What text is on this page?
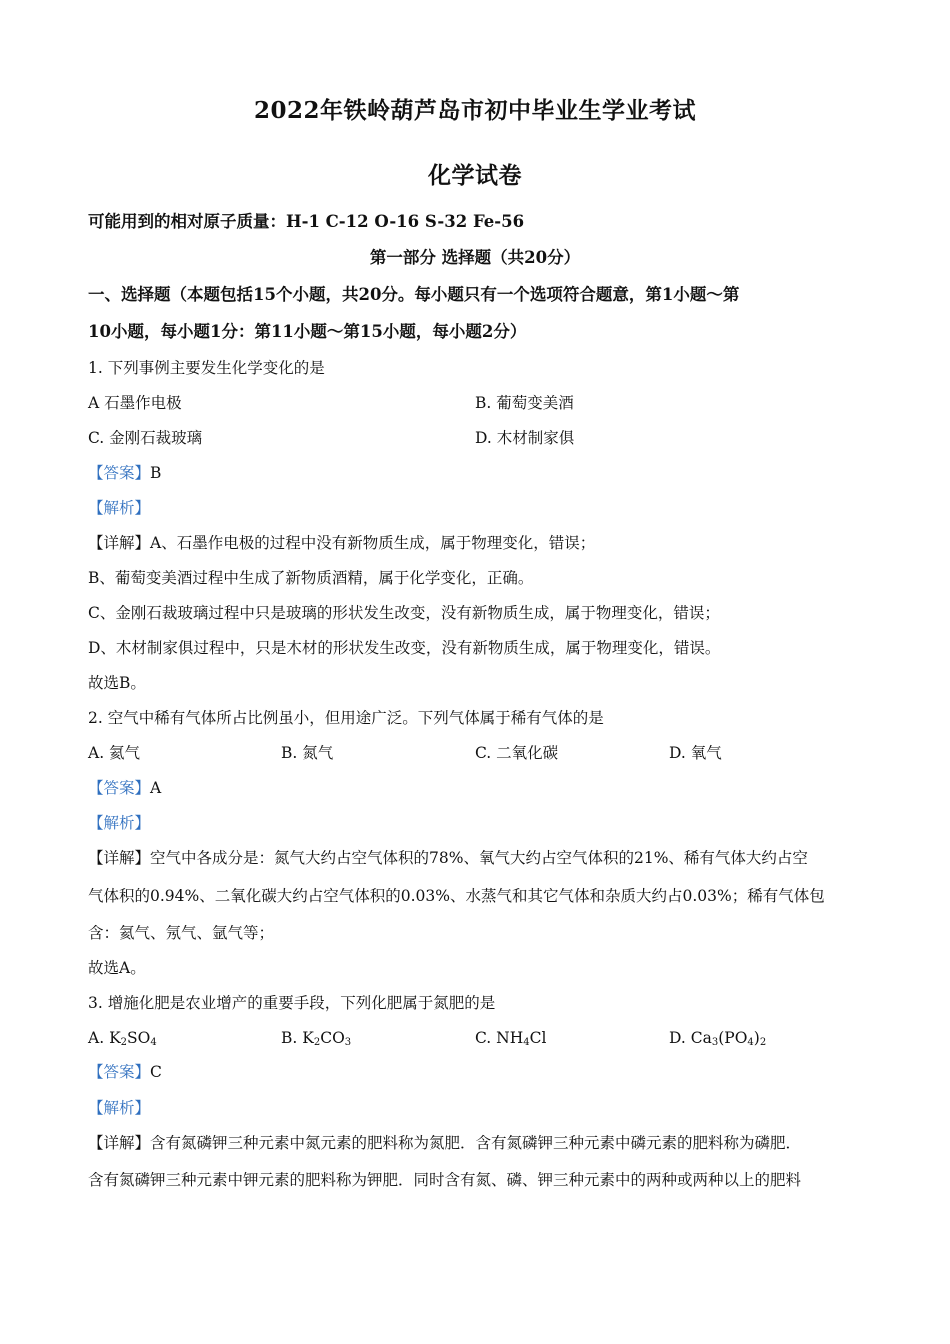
2022年铁岭葫芦岛市初中毕业生学业考试
化学试卷
可能用到的相对原子质量：H-1 C-12 O-16 S-32 Fe-56
第一部分 选择题（共20分）
一、选择题（本题包括15个小题，共20分。每小题只有一个选项符合题意，第1小题～第
10小题，每小题1分：第11小题～第15小题，每小题2分）
1. 下列事例主要发生化学变化的是
A 石墨作电极	B. 葡萄变美酒
C. 金刚石裁玻璃	D. 木材制家俱
【答案】B
【解析】
【详解】A、石墨作电极的过程中没有新物质生成，属于物理变化，错误；
B、葡萄变美酒过程中生成了新物质酒精，属于化学变化，正确。
C、金刚石裁玻璃过程中只是玻璃的形状发生改变，没有新物质生成，属于物理变化，错误；
D、木材制家俱过程中，只是木材的形状发生改变，没有新物质生成，属于物理变化，错误。
故选B。
2. 空气中稀有气体所占比例虽小，但用途广泛。下列气体属于稀有气体的是
A. 氦气	B. 氮气	C. 二氧化碳	D. 氧气
【答案】A
【解析】
【详解】空气中各成分是：氮气大约占空气体积的78%、氧气大约占空气体积的21%、稀有气体大约占空
气体积的0.94%、二氧化碳大约占空气体积的0.03%、水蒸气和其它气体和杂质大约占0.03%；稀有气体包
含：氦气、氖气、氩气等；
故选A。
3. 增施化肥是农业增产的重要手段，下列化肥属于氮肥的是
A. $K_2SO_4$	B. $K_2CO_3$	C. $NH_4Cl$	D. $Ca_3(PO_4)_2$
【答案】C
【解析】
【详解】含有氮磷钾三种元素中氮元素的肥料称为氮肥．含有氮磷钾三种元素中磷元素的肥料称为磷肥．
含有氮磷钾三种元素中钾元素的肥料称为钾肥．同时含有氮、磷、钾三种元素中的两种或两种以上的肥料
